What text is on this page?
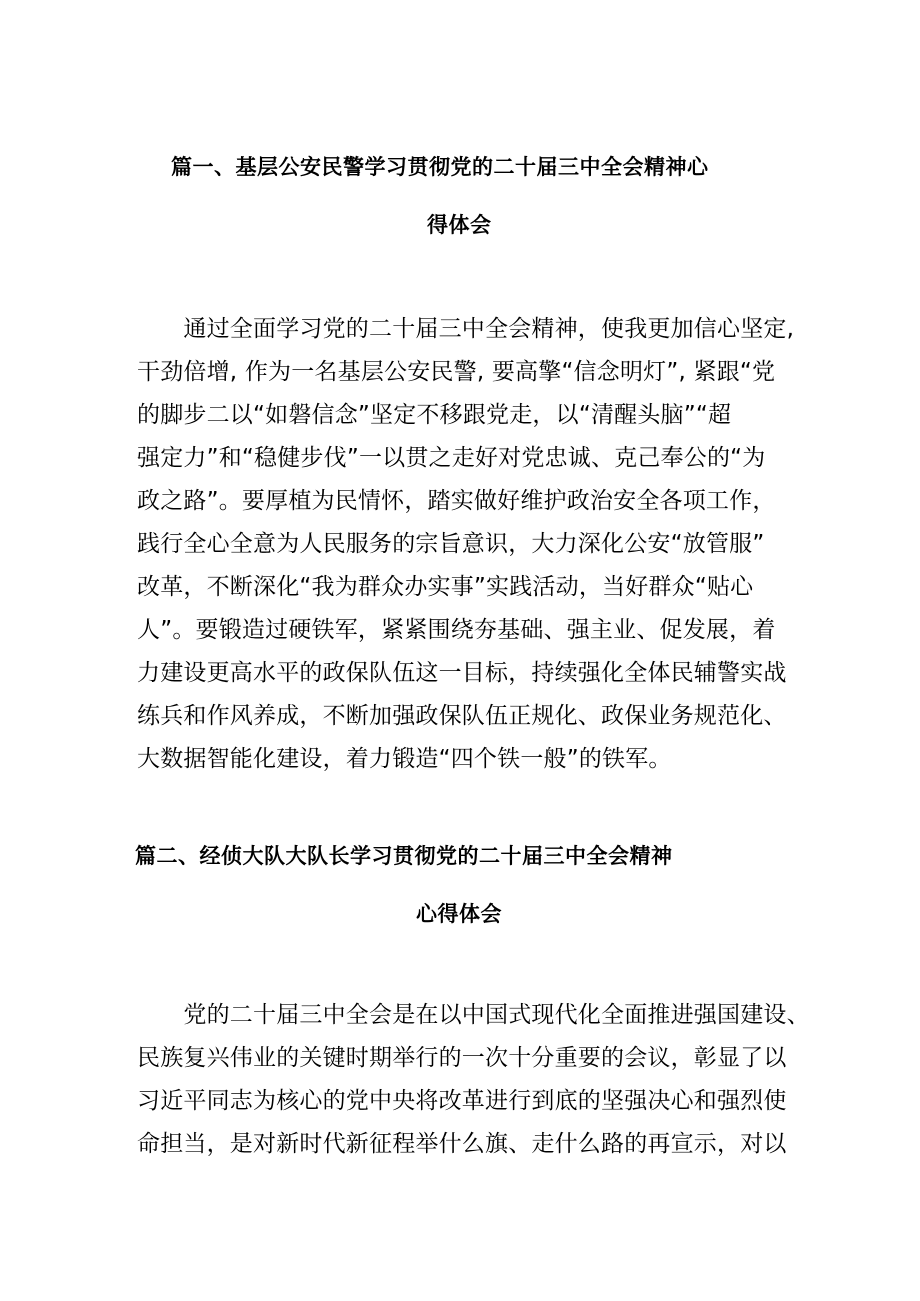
篇一、基层公安民警学习贯彻党的二十届三中全会精神心
得体会
　　通过全面学习党的二十届三中全会精神，使我更加信心坚定,
干劲倍增, 作为一名基层公安民警, 要高擎“信念明灯”, 紧跟“党
的脚步二以“如磐信念”坚定不移跟党走，以“清醒头脑”“超
强定力”和“稳健步伐”一以贯之走好对党忠诚、克己奉公的“为
政之路”。要厚植为民情怀，踏实做好维护政治安全各项工作，
践行全心全意为人民服务的宗旨意识，大力深化公安“放管服”
改革，不断深化“我为群众办实事”实践活动，当好群众“贴心
人”。要锻造过硬铁军，紧紧围绕夯基础、强主业、促发展，着
力建设更高水平的政保队伍这一目标，持续强化全体民辅警实战
练兵和作风养成，不断加强政保队伍正规化、政保业务规范化、
大数据智能化建设，着力锻造“四个铁一般”的铁军。
篇二、经侦大队大队长学习贯彻党的二十届三中全会精神
心得体会
　　党的二十届三中全会是在以中国式现代化全面推进强国建设、
民族复兴伟业的关键时期举行的一次十分重要的会议，彰显了以
习近平同志为核心的党中央将改革进行到底的坚强决心和强烈使
命担当，是对新时代新征程举什么旗、走什么路的再宣示，对以
